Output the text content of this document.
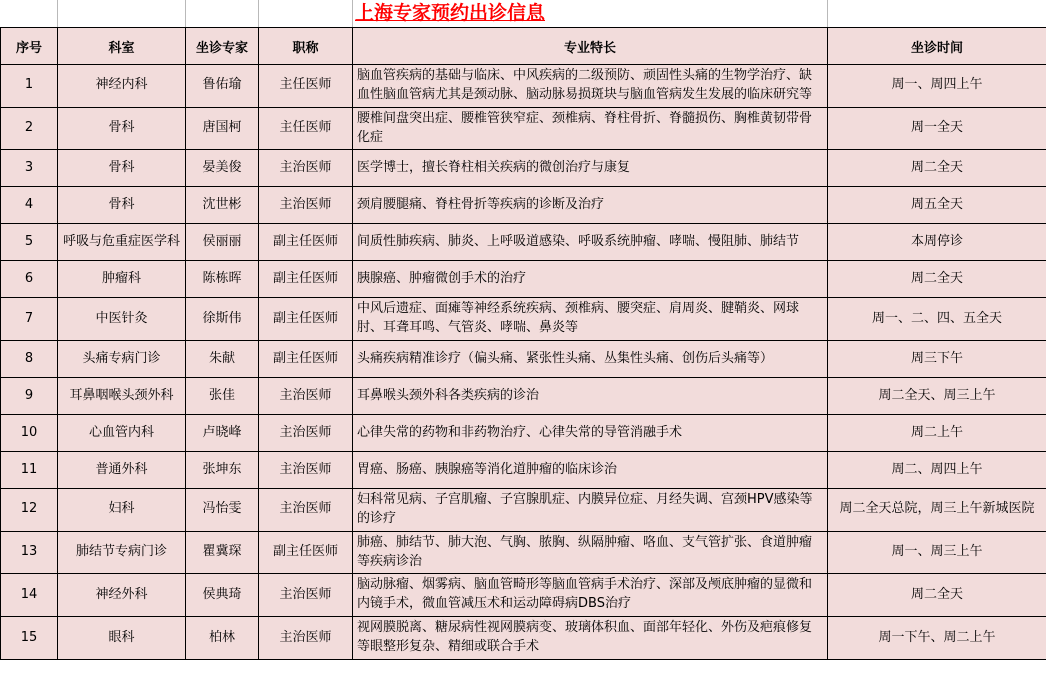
				上海专家预约出诊信息	

序号	科室	坐诊专家	职称	专业特长	坐诊时间
1	神经内科	鲁佑瑜	主任医师	脑血管疾病的基础与临床、中风疾病的二级预防、顽固性头痛的生物学治疗、缺血性脑血管病尤其是颈动脉、脑动脉易损斑块与脑血管病发生发展的临床研究等	周一、周四上午
2	骨科	唐国柯	主任医师	腰椎间盘突出症、腰椎管狭窄症、颈椎病、脊柱骨折、脊髓损伤、胸椎黄韧带骨化症	周一全天
3	骨科	晏美俊	主治医师	医学博士，擅长脊柱相关疾病的微创治疗与康复	周二全天
4	骨科	沈世彬	主治医师	颈肩腰腿痛、脊柱骨折等疾病的诊断及治疗	周五全天
5	呼吸与危重症医学科	侯丽丽	副主任医师	间质性肺疾病、肺炎、上呼吸道感染、呼吸系统肿瘤、哮喘、慢阻肺、肺结节	本周停诊
6	肿瘤科	陈栋晖	副主任医师	胰腺癌、肿瘤微创手术的治疗	周二全天
7	中医针灸	徐斯伟	副主任医师	中风后遗症、面瘫等神经系统疾病、颈椎病、腰突症、肩周炎、腱鞘炎、网球肘、耳聋耳鸣、气管炎、哮喘、鼻炎等	周一、二、四、五全天
8	头痛专病门诊	朱献	副主任医师	头痛疾病精准诊疗（偏头痛、紧张性头痛、丛集性头痛、创伤后头痛等）	周三下午
9	耳鼻咽喉头颈外科	张佳	主治医师	耳鼻喉头颈外科各类疾病的诊治	周二全天、周三上午
10	心血管内科	卢晓峰	主治医师	心律失常的药物和非药物治疗、心律失常的导管消融手术	周二上午
11	普通外科	张坤东	主治医师	胃癌、肠癌、胰腺癌等消化道肿瘤的临床诊治	周二、周四上午
12	妇科	冯怡雯	主治医师	妇科常见病、子宫肌瘤、子宫腺肌症、内膜异位症、月经失调、宫颈HPV感染等的诊疗	周二全天总院，周三上午新城医院
13	肺结节专病门诊	瞿冀琛	副主任医师	肺癌、肺结节、肺大泡、气胸、脓胸、纵隔肿瘤、咯血、支气管扩张、食道肿瘤等疾病诊治	周一、周三上午
14	神经外科	侯典琦	主治医师	脑动脉瘤、烟雾病、脑血管畸形等脑血管病手术治疗、深部及颅底肿瘤的显微和内镜手术，微血管减压术和运动障碍病DBS治疗	周二全天
15	眼科	柏林	主治医师	视网膜脱离、糖尿病性视网膜病变、玻璃体积血、面部年轻化、外伤及疤痕修复等眼整形复杂、精细或联合手术	周一下午、周二上午
